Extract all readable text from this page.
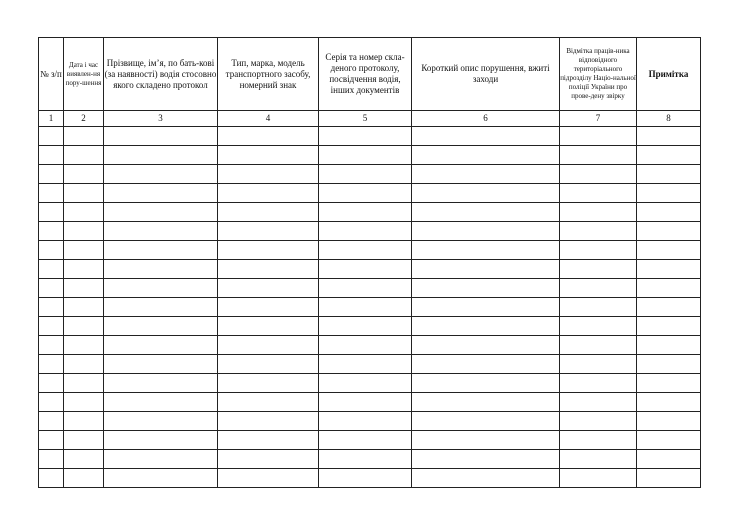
№ з/п	Дата і час виявлен-ня пору-шення	Прізвище, ім’я, по бать-кові (за наявності) водія стосовно якого складено протокол	Тип, марка, модель транспортного засобу, номерний знак	Серія та номер скла-деного протоколу, посвідчення водія, інших документів	Короткий опис порушення, вжиті заходи	Відмітка праців-ника відповідного територіального підрозділу Націо-нальної поліції України про прове-дену звірку	Примітка
1	2	3	4	5	6	7	8
